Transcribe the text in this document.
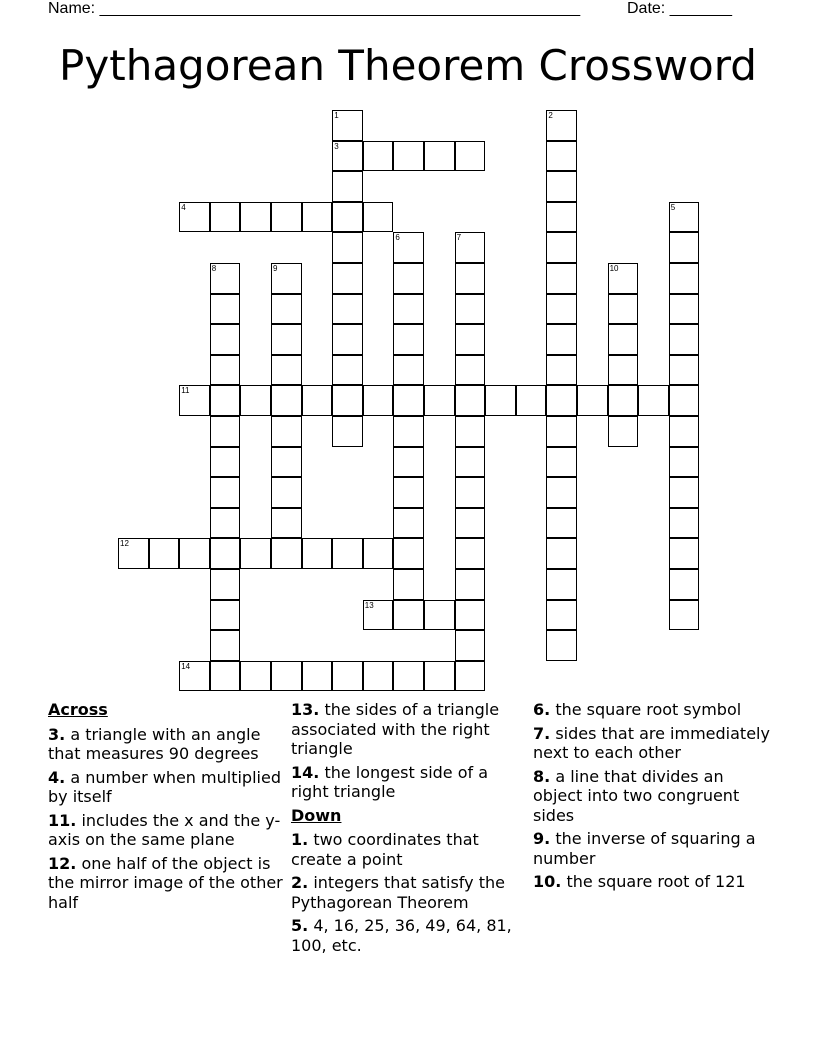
Name: ______________________________________________________	Date: _______
Pythagorean Theorem Crossword
1
3
2
4	5
6	7
8	9	10
11
12
13
14
Across
3. a triangle with an angle that measures 90 degrees
4. a number when multiplied by itself
11. includes the x and the y-axis on the same plane
12. one half of the object is the mirror image of the other half
13. the sides of a triangle associated with the right triangle
14. the longest side of a right triangle
Down
1. two coordinates that create a point
2. integers that satisfy the Pythagorean Theorem
5. 4, 16, 25, 36, 49, 64, 81, 100, etc.
6. the square root symbol
7. sides that are immediately next to each other
8. a line that divides an object into two congruent sides
9. the inverse of squaring a number
10. the square root of 121
